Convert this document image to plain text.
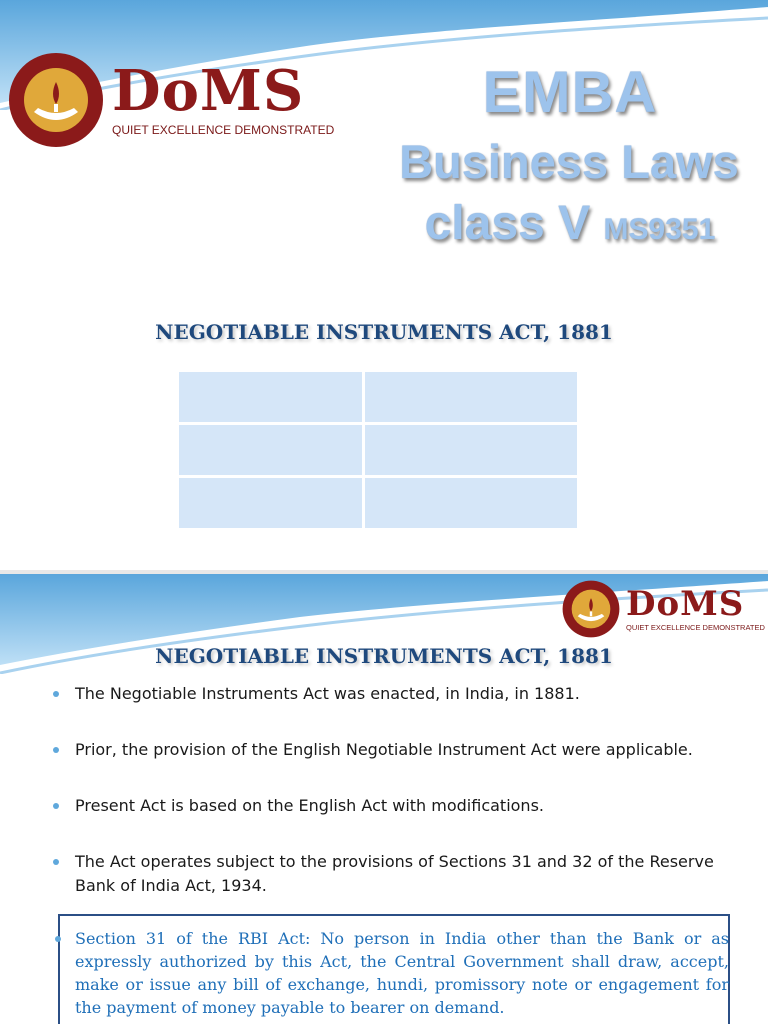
DoMS
QUIET EXCELLENCE DEMONSTRATED
EMBA
Business Laws
class V MS9351
NEGOTIABLE INSTRUMENTS ACT, 1881

DoMS
QUIET EXCELLENCE DEMONSTRATED
NEGOTIABLE INSTRUMENTS ACT, 1881
The Negotiable Instruments Act was enacted, in India, in 1881.
Prior, the provision of the English Negotiable Instrument Act were applicable.
Present Act is based on the English Act with modifications.
The Act operates subject to the provisions of Sections 31 and 32 of the Reserve Bank of India Act, 1934.
Section 31 of the RBI Act: No person in India other than the Bank or as expressly authorized by this Act, the Central Government shall draw, accept, make or issue any bill of exchange, hundi, promissory note or engagement for the payment of money payable to bearer on demand.
